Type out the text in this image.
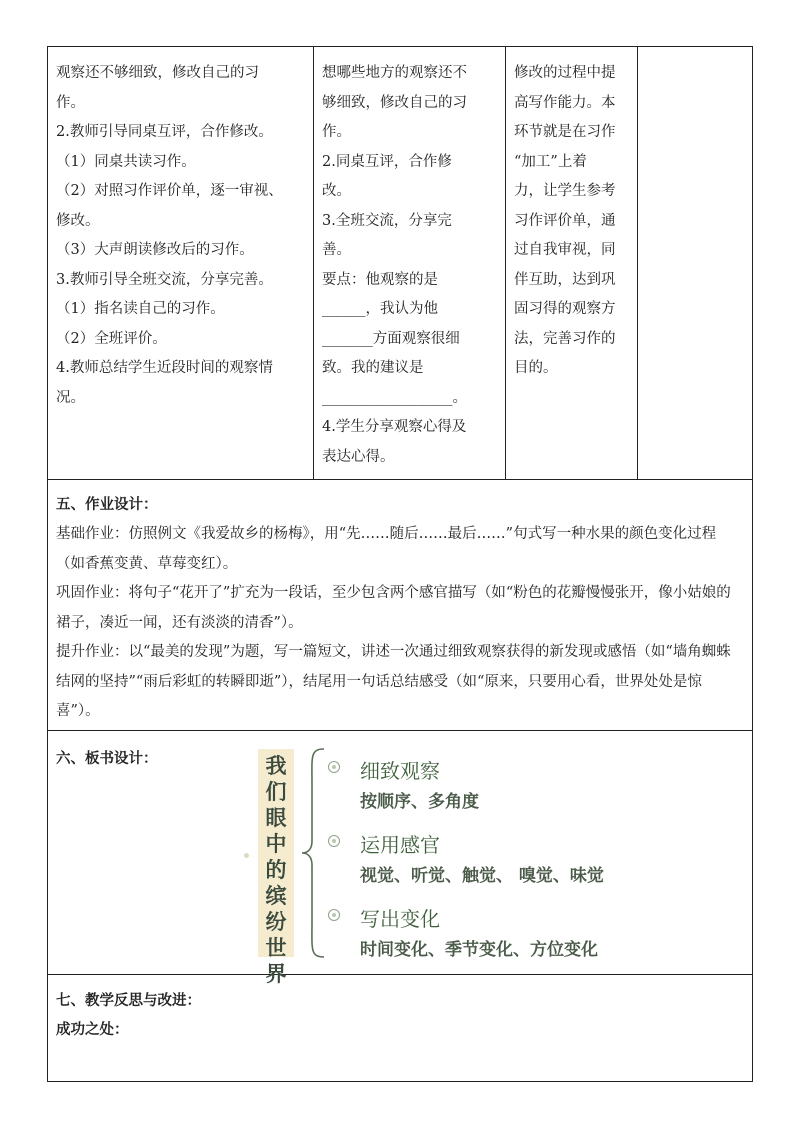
观察还不够细致，修改自己的习
作。
2.教师引导同桌互评，合作修改。
（1）同桌共读习作。
（2）对照习作评价单，逐一审视、
修改。
（3）大声朗读修改后的习作。
3.教师引导全班交流，分享完善。
（1）指名读自己的习作。
（2）全班评价。
4.教师总结学生近段时间的观察情
况。
想哪些地方的观察还不
够细致，修改自己的习
作。
2.同桌互评，合作修
改。
3.全班交流，分享完
善。
要点：他观察的是
______，我认为他
_______方面观察很细
致。我的建议是
__________________。
4.学生分享观察心得及
表达心得。
修改的过程中提
高写作能力。本
环节就是在习作
“加工”上着
力，让学生参考
习作评价单，通
过自我审视，同
伴互助，达到巩
固习得的观察方
法，完善习作的
目的。
五、作业设计：
基础作业：仿照例文《我爱故乡的杨梅》，用“先……随后……最后……”句式写一种水果的颜色变化过程（如香蕉变黄、草莓变红）。
巩固作业：将句子“花开了”扩充为一段话，至少包含两个感官描写（如“粉色的花瓣慢慢张开，像小姑娘的裙子，凑近一闻，还有淡淡的清香”）。
提升作业：以“最美的发现”为题，写一篇短文，讲述一次通过细致观察获得的新发现或感悟（如“墙角蜘蛛结网的坚持”“雨后彩虹的转瞬即逝”），结尾用一句话总结感受（如“原来，只要用心看，世界处处是惊喜”）。
六、板书设计：	我们眼中的缤纷世界
细致观察
按顺序、多角度
运用感官
视觉、听觉、触觉、 嗅觉、味觉
写出变化
时间变化、季节变化、方位变化
七、教学反思与改进：
成功之处：
